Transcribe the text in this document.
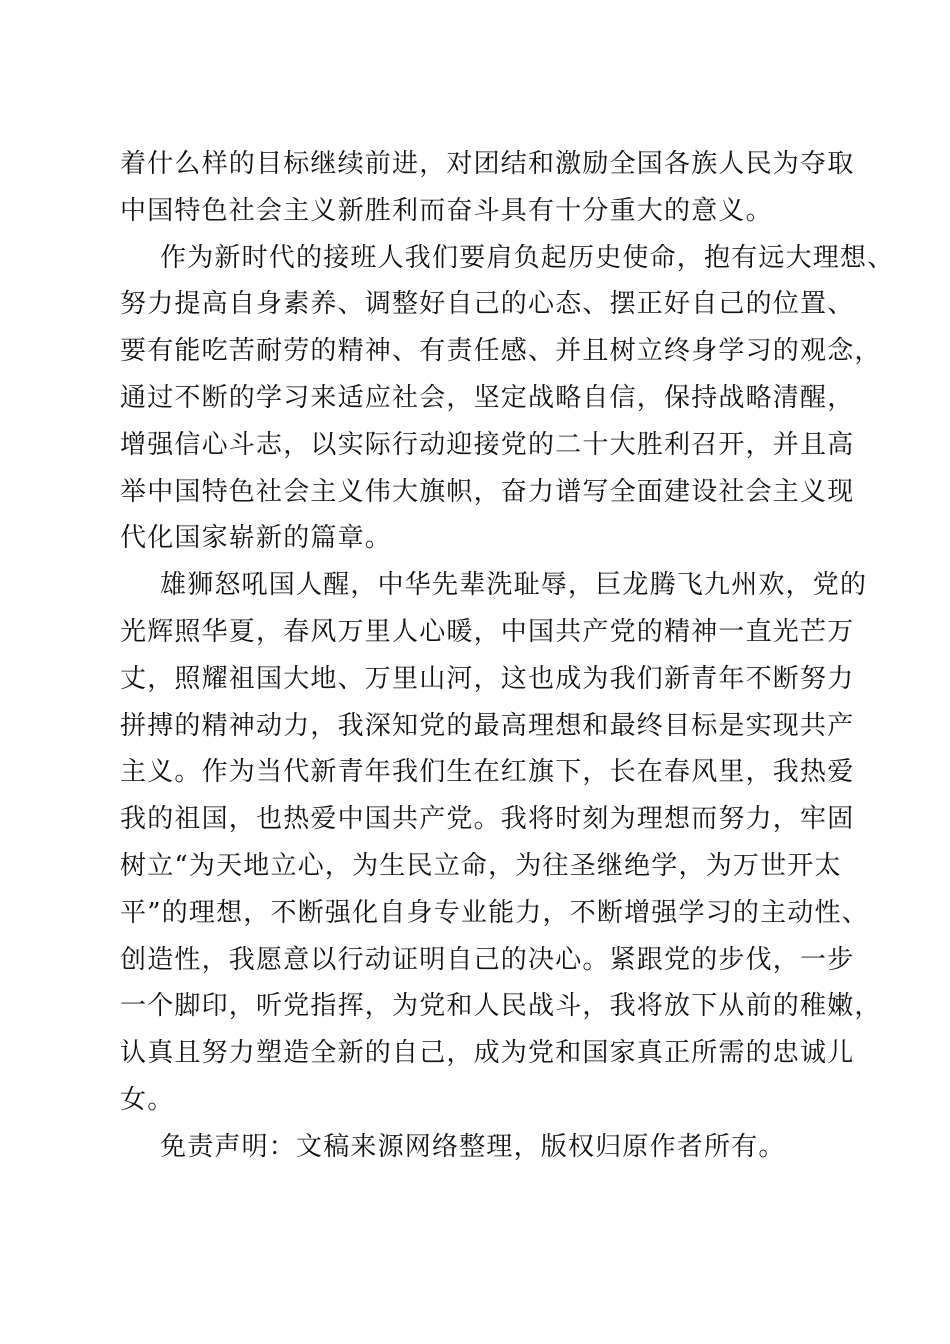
着什么样的目标继续前进，对团结和激励全国各族人民为夺取
中国特色社会主义新胜利而奋斗具有十分重大的意义。
作为新时代的接班人我们要肩负起历史使命，抱有远大理想、
努力提高自身素养、调整好自己的心态、摆正好自己的位置、
要有能吃苦耐劳的精神、有责任感、并且树立终身学习的观念，
通过不断的学习来适应社会，坚定战略自信，保持战略清醒，
增强信心斗志，以实际行动迎接党的二十大胜利召开，并且高
举中国特色社会主义伟大旗帜，奋力谱写全面建设社会主义现
代化国家崭新的篇章。
雄狮怒吼国人醒，中华先辈洗耻辱，巨龙腾飞九州欢，党的
光辉照华夏，春风万里人心暖，中国共产党的精神一直光芒万
丈，照耀祖国大地、万里山河，这也成为我们新青年不断努力
拼搏的精神动力，我深知党的最高理想和最终目标是实现共产
主义。作为当代新青年我们生在红旗下，长在春风里，我热爱
我的祖国，也热爱中国共产党。我将时刻为理想而努力，牢固
树立“为天地立心，为生民立命，为往圣继绝学，为万世开太
平”的理想，不断强化自身专业能力，不断增强学习的主动性、
创造性，我愿意以行动证明自己的决心。紧跟党的步伐，一步
一个脚印，听党指挥，为党和人民战斗，我将放下从前的稚嫩，
认真且努力塑造全新的自己，成为党和国家真正所需的忠诚儿
女。
免责声明：文稿来源网络整理，版权归原作者所有。
